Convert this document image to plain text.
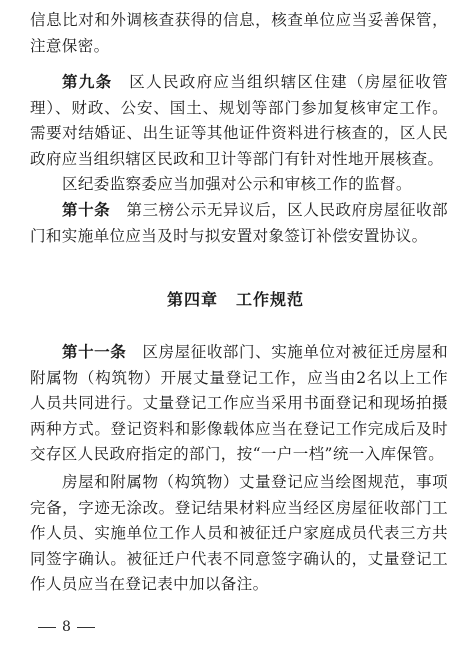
信息比对和外调核查获得的信息，核查单位应当妥善保管，注意保密。

第九条　 区人民政府应当组织辖区住建（房屋征收管理）、财政、公安、国土、规划等部门参加复核审定工作。需要对结婚证、出生证等其他证件资料进行核查的，区人民政府应当组织辖区民政和卫计等部门有针对性地开展核查。

区纪委监察委应当加强对公示和审核工作的监督。

第十条　 第三榜公示无异议后，区人民政府房屋征收部门和实施单位应当及时与拟安置对象签订补偿安置协议。

第四章 工作规范

第十一条　 区房屋征收部门、实施单位对被征迁房屋和附属物（构筑物）开展丈量登记工作，应当由2名以上工作人员共同进行。丈量登记工作应当采用书面登记和现场拍摄两种方式。登记资料和影像载体应当在登记工作完成后及时交存区人民政府指定的部门，按“一户一档”统一入库保管。

房屋和附属物（构筑物）丈量登记应当绘图规范，事项完备，字迹无涂改。登记结果材料应当经区房屋征收部门工作人员、实施单位工作人员和被征迁户家庭成员代表三方共同签字确认。被征迁户代表不同意签字确认的，丈量登记工作人员应当在登记表中加以备注。

8
